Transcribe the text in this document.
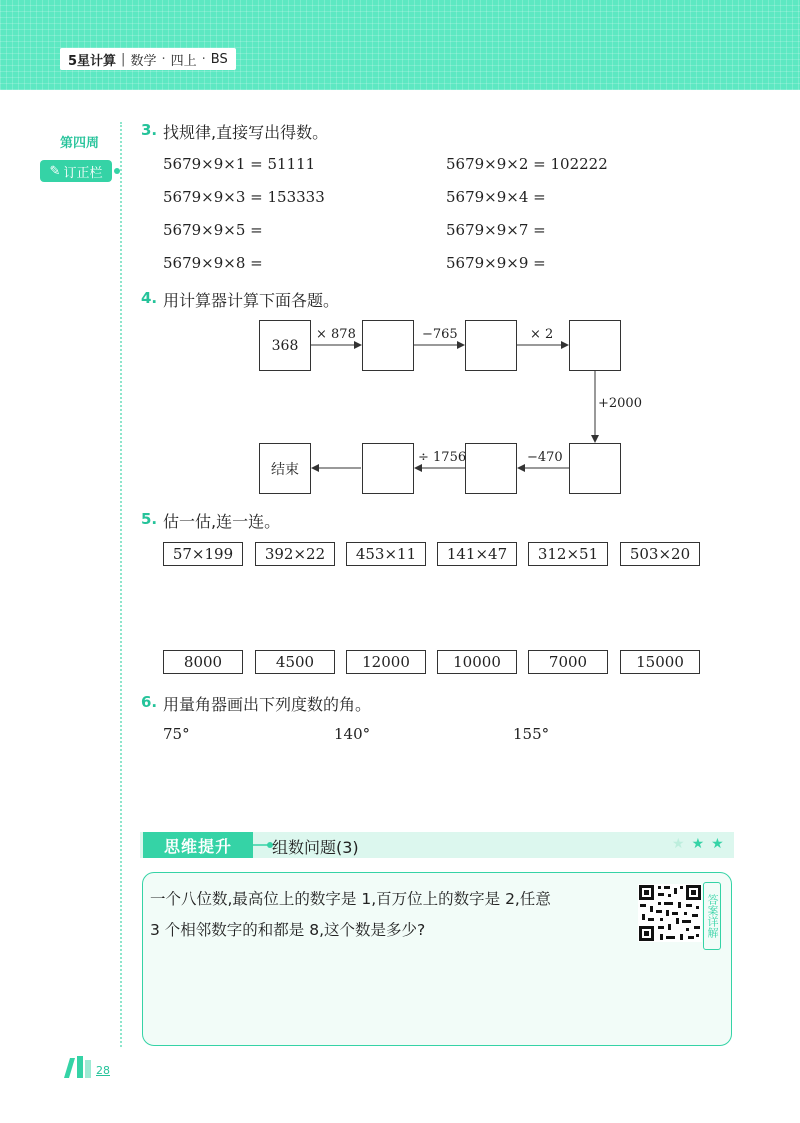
5星计算 | 数学 · 四上 · BS
第四周
✎ 订正栏
3. 找规律,直接写出得数。
5679×9×1 = 51111	5679×9×2 = 102222
5679×9×3 = 153333	5679×9×4 =
5679×9×5 =	5679×9×7 =
5679×9×8 =	5679×9×9 =
4. 用计算器计算下面各题。
368
结束
× 878	−765	× 2
+2000
−470
÷ 1756
5. 估一估,连一连。
57×199	392×22	453×11	141×47	312×51	503×20
8000	4500	12000	10000	7000	15000
6. 用量角器画出下列度数的角。
75°	140°	155°
思维提升	组数问题(3)	★ ★ ★
一个八位数,最高位上的数字是 1,百万位上的数字是 2,任意
3 个相邻数字的和都是 8,这个数是多少?	答案详解
28
